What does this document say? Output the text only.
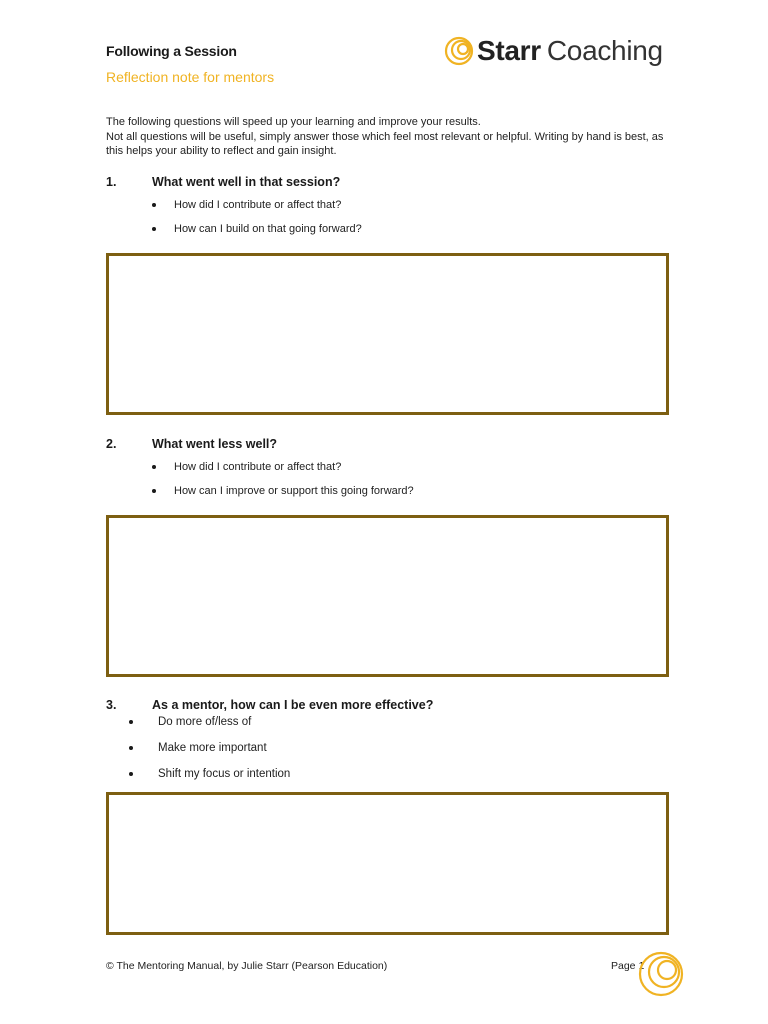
Following a Session
Reflection note for mentors
Starr Coaching

The following questions will speed up your learning and improve your results.

Not all questions will be useful, simply answer those which feel most relevant or helpful. Writing by hand is best, as this helps your ability to reflect and gain insight.

1.	What went well in that session?
How did I contribute or affect that?
How can I build on that going forward?
2.	What went less well?
How did I contribute or affect that?
How can I improve or support this going forward?
3.	As a mentor, how can I be even more effective?
Do more of/less of
Make more important
Shift my focus or intention
© The Mentoring Manual, by Julie Starr (Pearson Education)	Page 1
